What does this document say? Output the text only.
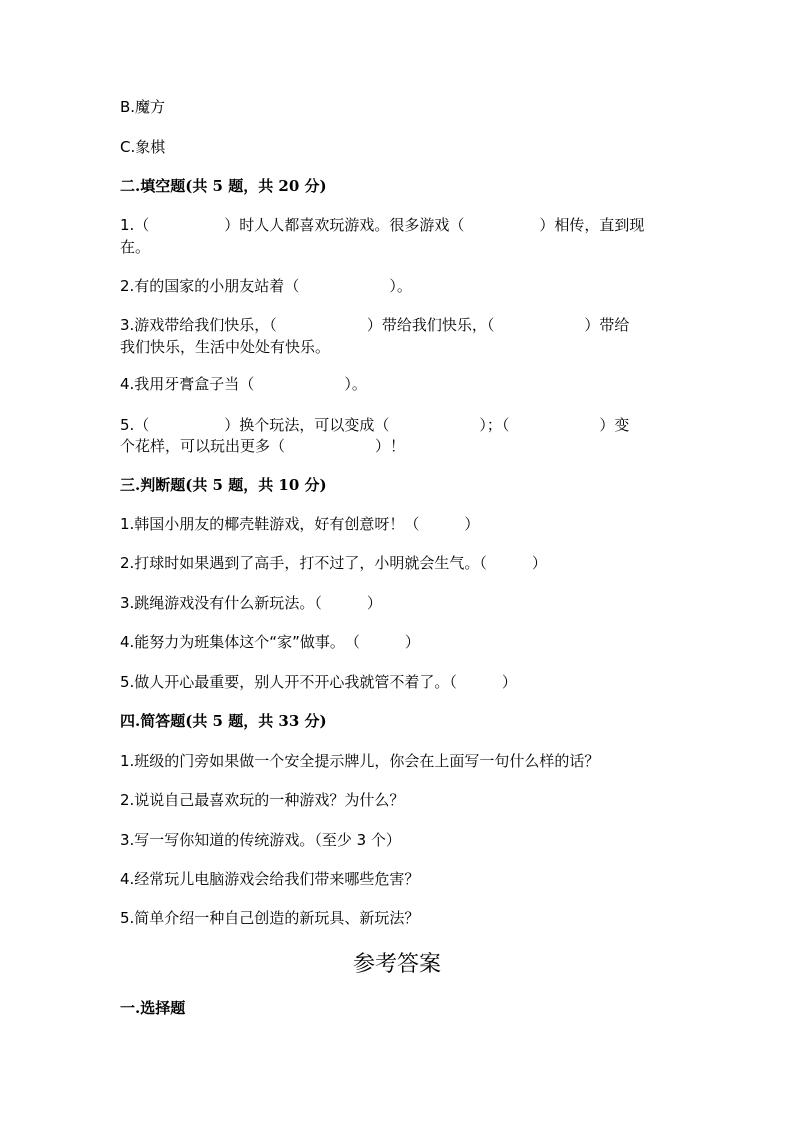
B.魔方
C.象棋
二.填空题(共 5 题，共 20 分)
1.（　　　　　）时人人都喜欢玩游戏。很多游戏（　　　　　）相传，直到现
在。
2.有的国家的小朋友站着（　　　　　　）。
3.游戏带给我们快乐，（　　　　　　）带给我们快乐，（　　　　　　）带给
我们快乐，生活中处处有快乐。
4.我用牙膏盒子当（　　　　　　）。
5.（　　　　　）换个玩法，可以变成（　　　　　　）；（　　　　　　）变
个花样，可以玩出更多（　　　　　　）！
三.判断题(共 5 题，共 10 分)
1.韩国小朋友的椰壳鞋游戏，好有创意呀！（　　　）
2.打球时如果遇到了高手，打不过了，小明就会生气。（　　　）
3.跳绳游戏没有什么新玩法。（　　　）
4.能努力为班集体这个“家”做事。　（　　　）
5.做人开心最重要，别人开不开心我就管不着了。（　　　）
四.简答题(共 5 题，共 33 分)
1.班级的门旁如果做一个安全提示牌儿，你会在上面写一句什么样的话？
2.说说自己最喜欢玩的一种游戏？为什么？
3.写一写你知道的传统游戏。（至少 3 个）
4.经常玩儿电脑游戏会给我们带来哪些危害？
5.简单介绍一种自己创造的新玩具、新玩法？
参考答案
一.选择题
